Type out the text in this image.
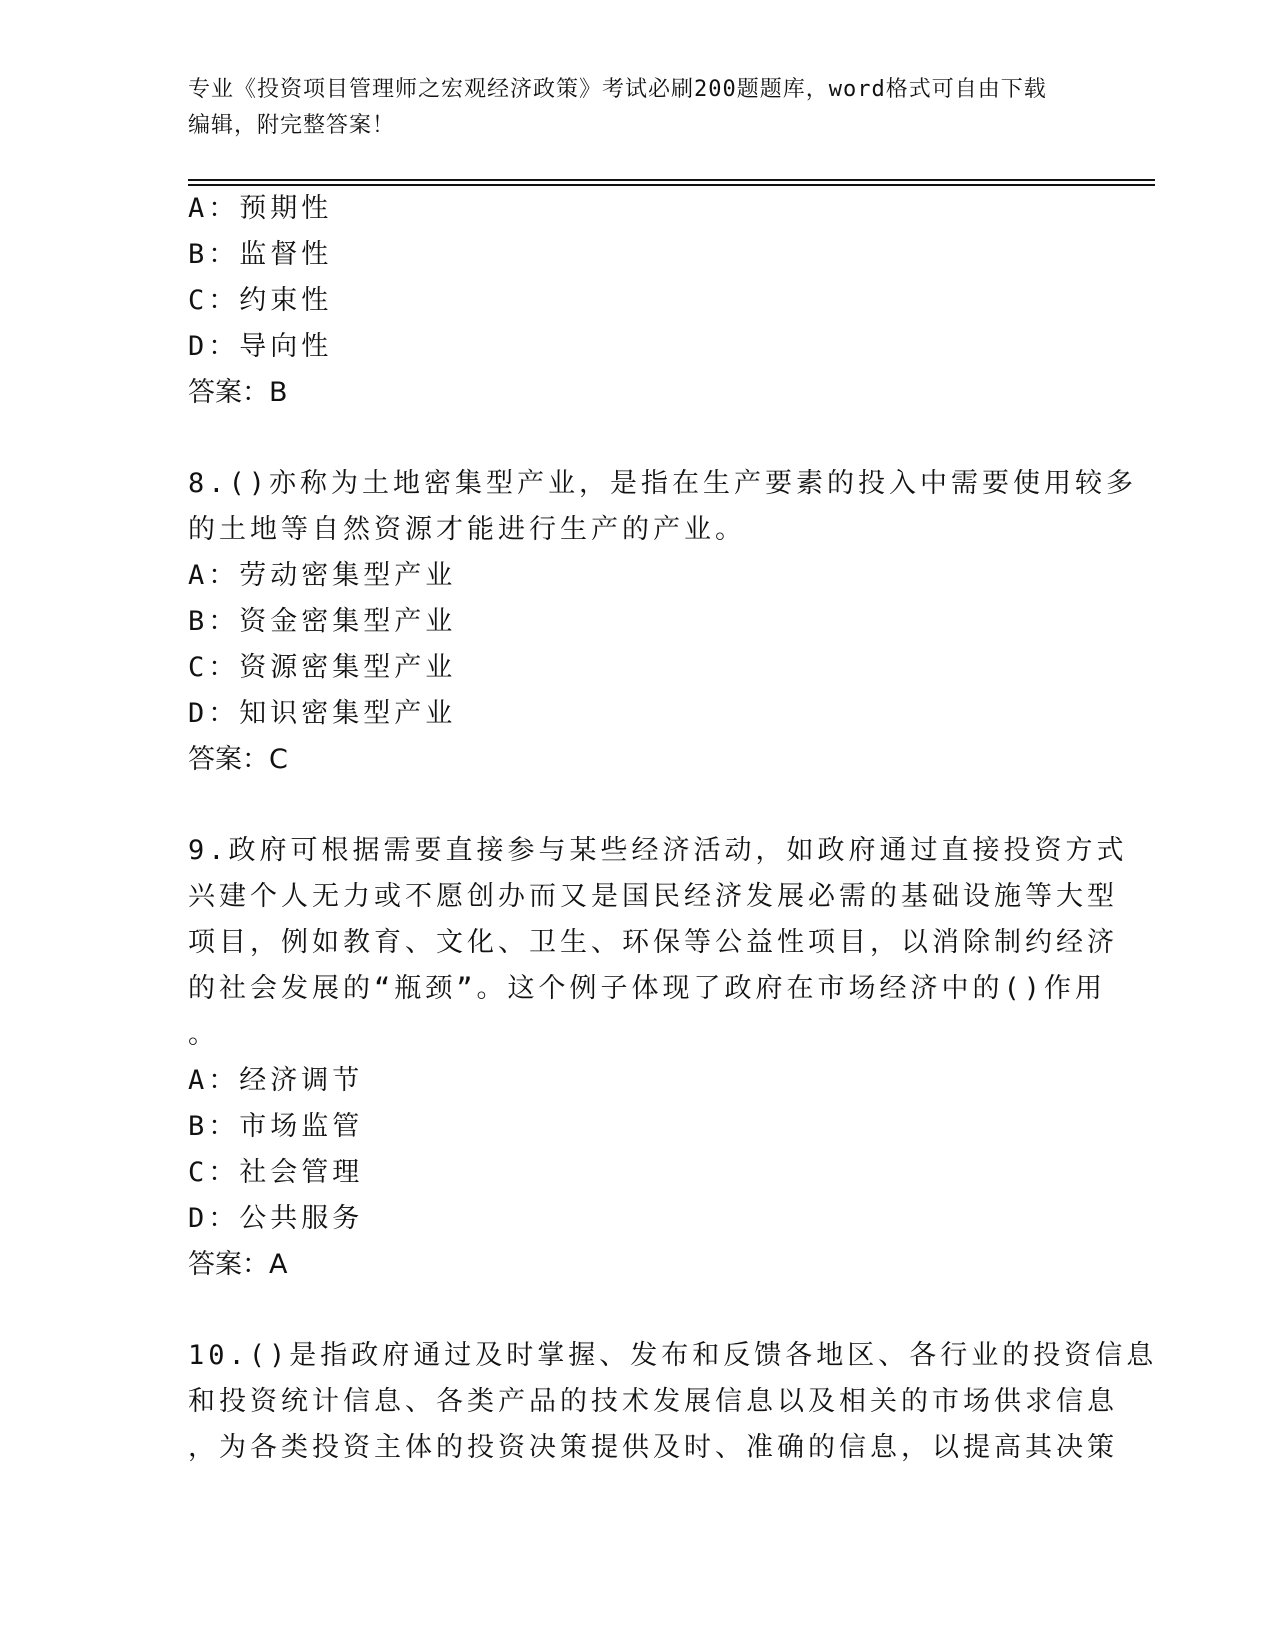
专业《投资项目管理师之宏观经济政策》考试必刷200题题库，word格式可自由下载编辑，附完整答案！
A：预期性
B：监督性
C：约束性
D：导向性
答案：B
8.()亦称为土地密集型产业，是指在生产要素的投入中需要使用较多
的土地等自然资源才能进行生产的产业。
A：劳动密集型产业
B：资金密集型产业
C：资源密集型产业
D：知识密集型产业
答案：C
9.政府可根据需要直接参与某些经济活动，如政府通过直接投资方式
兴建个人无力或不愿创办而又是国民经济发展必需的基础设施等大型
项目，例如教育、文化、卫生、环保等公益性项目，以消除制约经济
的社会发展的“瓶颈”。这个例子体现了政府在市场经济中的()作用
。
A：经济调节
B：市场监管
C：社会管理
D：公共服务
答案：A
10.()是指政府通过及时掌握、发布和反馈各地区、各行业的投资信息
和投资统计信息、各类产品的技术发展信息以及相关的市场供求信息
，为各类投资主体的投资决策提供及时、准确的信息，以提高其决策
